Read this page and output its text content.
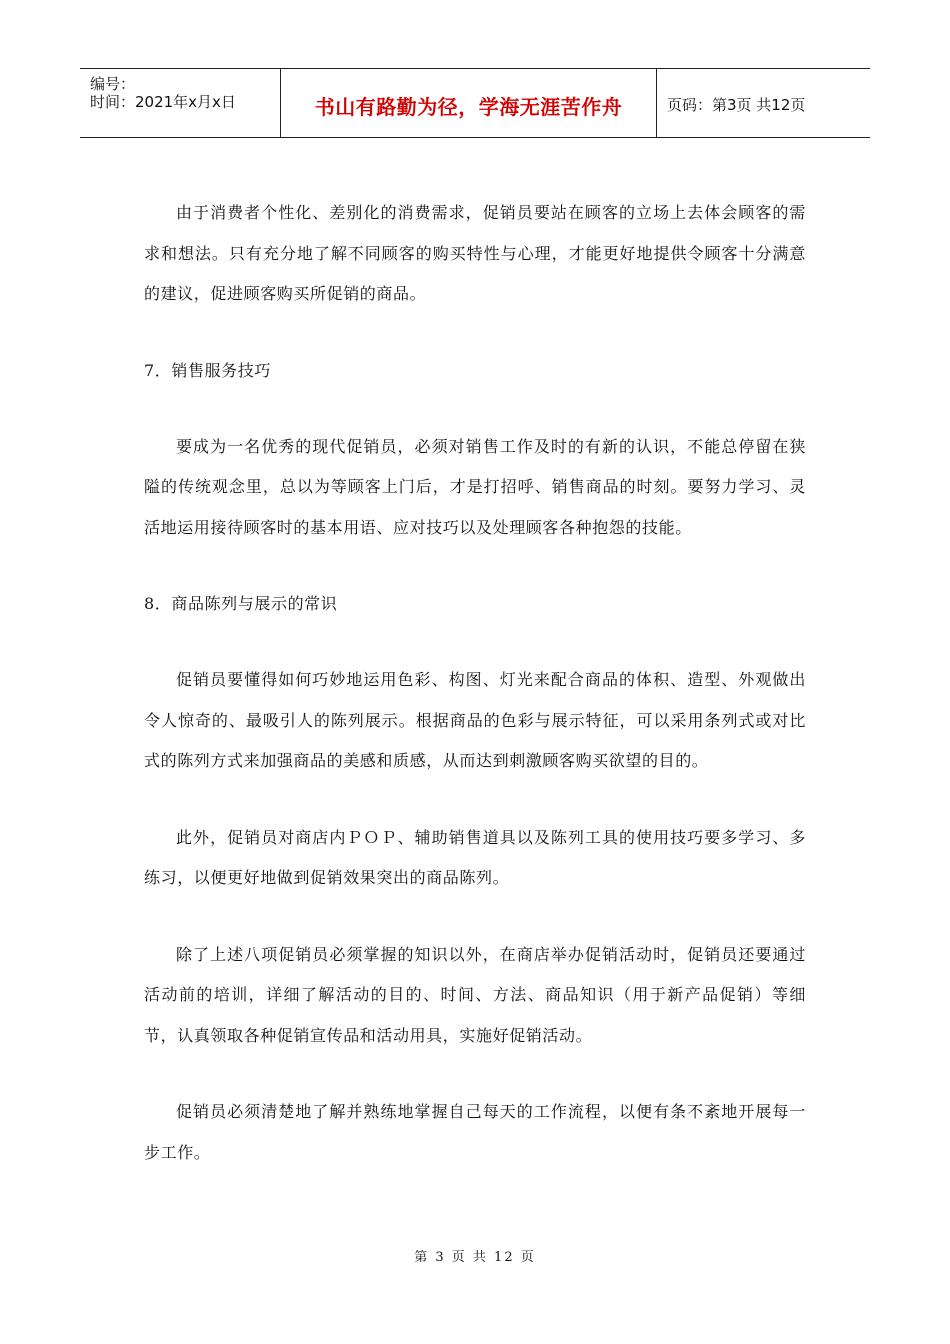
编号：
时间：2021年x月x日	书山有路勤为径，学海无涯苦作舟	页码：第3页 共12页

由于消费者个性化、差别化的消费需求，促销员要站在顾客的立场上去体会顾客的需求和想法。只有充分地了解不同顾客的购买特性与心理，才能更好地提供令顾客十分满意的建议，促进顾客购买所促销的商品。

7．销售服务技巧

要成为一名优秀的现代促销员，必须对销售工作及时的有新的认识，不能总停留在狭隘的传统观念里，总以为等顾客上门后，才是打招呼、销售商品的时刻。要努力学习、灵活地运用接待顾客时的基本用语、应对技巧以及处理顾客各种抱怨的技能。

8．商品陈列与展示的常识

促销员要懂得如何巧妙地运用色彩、构图、灯光来配合商品的体积、造型、外观做出令人惊奇的、最吸引人的陈列展示。根据商品的色彩与展示特征，可以采用条列式或对比式的陈列方式来加强商品的美感和质感，从而达到刺激顾客购买欲望的目的。

此外，促销员对商店内ＰＯＰ、辅助销售道具以及陈列工具的使用技巧要多学习、多练习，以便更好地做到促销效果突出的商品陈列。

除了上述八项促销员必须掌握的知识以外，在商店举办促销活动时，促销员还要通过活动前的培训，详细了解活动的目的、时间、方法、商品知识（用于新产品促销）等细节，认真领取各种促销宣传品和活动用具，实施好促销活动。

促销员必须清楚地了解并熟练地掌握自己每天的工作流程，以便有条不紊地开展每一步工作。

第 3 页 共 12 页
